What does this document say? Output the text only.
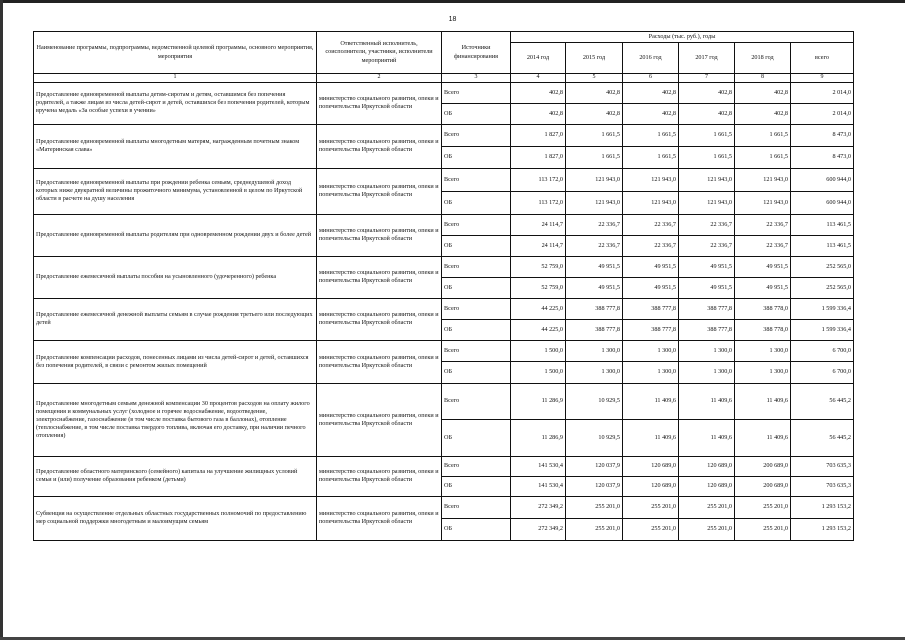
18
Наименование программы, подпрограммы, ведомственной целевой программы, основного мероприятия, мероприятия	Ответственный исполнитель, соисполнители, участники, исполнители мероприятий	Источники финансирования	Расходы (тыс. руб.), годы					
			2014 год	2015 год	2016 год	2017 год	2018 год	всего
1	2	3	4	5	6	7	8	9
Предоставление единовременной выплаты детям-сиротам и детям, оставшимся без попечения родителей, а также лицам из числа детей-сирот и детей, оставшихся без попечения родителей, которым вручена медаль «За особые успехи в учении»	министерство социального развития, опеки и попечительства Иркутской области	Всего	402,8	402,8	402,8	402,8	402,8	2 014,0
		ОБ	402,8	402,8	402,8	402,8	402,8	2 014,0
Предоставление единовременной выплаты многодетным матерям, награжденным почетным знаком «Материнская слава»	министерство социального развития, опеки и попечительства Иркутской области	Всего	1 827,0	1 661,5	1 661,5	1 661,5	1 661,5	8 473,0
		ОБ	1 827,0	1 661,5	1 661,5	1 661,5	1 661,5	8 473,0
Предоставление единовременной выплаты при рождении ребенка семьям, среднедушевой доход которых ниже двукратной величины прожиточного минимума, установленной в целом по Иркутской области в расчете на душу населения	министерство социального развития, опеки и попечительства Иркутской области	Всего	113 172,0	121 943,0	121 943,0	121 943,0	121 943,0	600 944,0
		ОБ	113 172,0	121 943,0	121 943,0	121 943,0	121 943,0	600 944,0
Предоставление единовременной выплаты родителям при одновременном рождении двух и более детей	министерство социального развития, опеки и попечительства Иркутской области	Всего	24 114,7	22 336,7	22 336,7	22 336,7	22 336,7	113 461,5
		ОБ	24 114,7	22 336,7	22 336,7	22 336,7	22 336,7	113 461,5
Предоставление ежемесячной выплаты пособия на усыновленного (удочеренного) ребенка	министерство социального развития, опеки и попечительства Иркутской области	Всего	52 759,0	49 951,5	49 951,5	49 951,5	49 951,5	252 565,0
		ОБ	52 759,0	49 951,5	49 951,5	49 951,5	49 951,5	252 565,0
Предоставление ежемесячной денежной выплаты семьям в случае рождения третьего или последующих детей	министерство социального развития, опеки и попечительства Иркутской области	Всего	44 225,0	388 777,8	388 777,8	388 777,8	388 778,0	1 599 336,4
		ОБ	44 225,0	388 777,8	388 777,8	388 777,8	388 778,0	1 599 336,4
Предоставление компенсации расходов, понесенных лицами из числа детей-сирот и детей, оставшихся без попечения родителей, в связи с ремонтом жилых помещений	министерство социального развития, опеки и попечительства Иркутской области	Всего	1 500,0	1 300,0	1 300,0	1 300,0	1 300,0	6 700,0
		ОБ	1 500,0	1 300,0	1 300,0	1 300,0	1 300,0	6 700,0
Предоставление многодетным семьям денежной компенсации 30 процентов расходов на оплату жилого помещения и коммунальных услуг (холодное и горячее водоснабжение, водоотведение, электроснабжение, газоснабжение (в том числе поставка бытового газа в баллонах), отопление (теплоснабжение, в том числе поставка твердого топлива, включая его доставку, при наличии печного отопления)	министерство социального развития, опеки и попечительства Иркутской области	Всего	11 286,9	10 929,5	11 409,6	11 409,6	11 409,6	56 445,2
		ОБ	11 286,9	10 929,5	11 409,6	11 409,6	11 409,6	56 445,2
Предоставление областного материнского (семейного) капитала на улучшение жилищных условий семьи и (или) получение образования ребенком (детьми)	министерство социального развития, опеки и попечительства Иркутской области	Всего	141 530,4	120 037,9	120 689,0	120 689,0	200 689,0	703 635,3
		ОБ	141 530,4	120 037,9	120 689,0	120 689,0	200 689,0	703 635,3
Субвенция на осуществление отдельных областных государственных полномочий по предоставлению мер социальной поддержки многодетным и малоимущим семьям	министерство социального развития, опеки и попечительства Иркутской области	Всего	272 349,2	255 201,0	255 201,0	255 201,0	255 201,0	1 293 153,2
		ОБ	272 349,2	255 201,0	255 201,0	255 201,0	255 201,0	1 293 153,2
